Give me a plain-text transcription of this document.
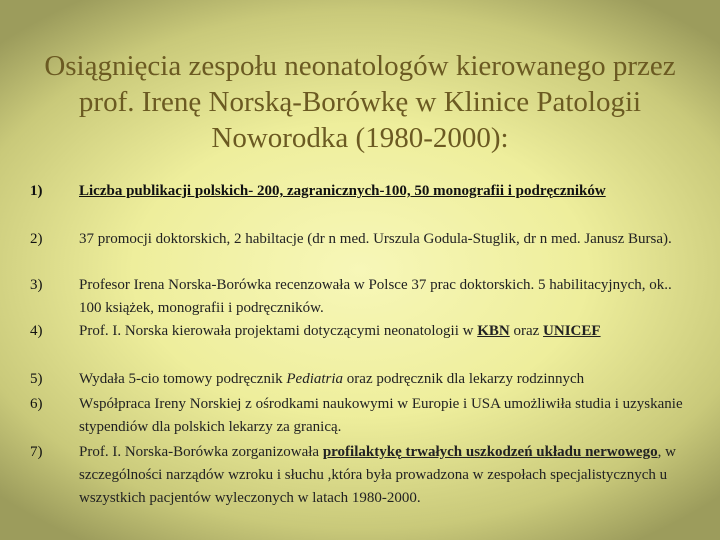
Osiągnięcia zespołu neonatologów kierowanego przez prof. Irenę Norską-Borówkę w Klinice Patologii Noworodka (1980-2000):
1)	Liczba publikacji polskich- 200, zagranicznych-100, 50 monografii i podręczników
2)	37 promocji doktorskich, 2 habiltacje (dr n med. Urszula Godula-Stuglik, dr n med. Janusz Bursa).
3)	Profesor Irena Norska-Borówka recenzowała w Polsce 37 prac doktorskich. 5 habilitacyjnych, ok.. 100 książek, monografii i podręczników.
4)	Prof. I. Norska kierowała projektami dotyczącymi neonatologii w KBN oraz UNICEF
5)	Wydała 5-cio tomowy podręcznik Pediatria oraz podręcznik dla lekarzy rodzinnych
6)	Współpraca Ireny Norskiej z ośrodkami naukowymi w Europie i USA umożliwiła studia i uzyskanie stypendiów dla polskich lekarzy za granicą.
7)	Prof. I. Norska-Borówka zorganizowała profilaktykę trwałych uszkodzeń układu nerwowego, w szczególności narządów wzroku i słuchu ,która była prowadzona w zespołach specjalistycznych u wszystkich pacjentów wyleczonych w latach 1980-2000.
